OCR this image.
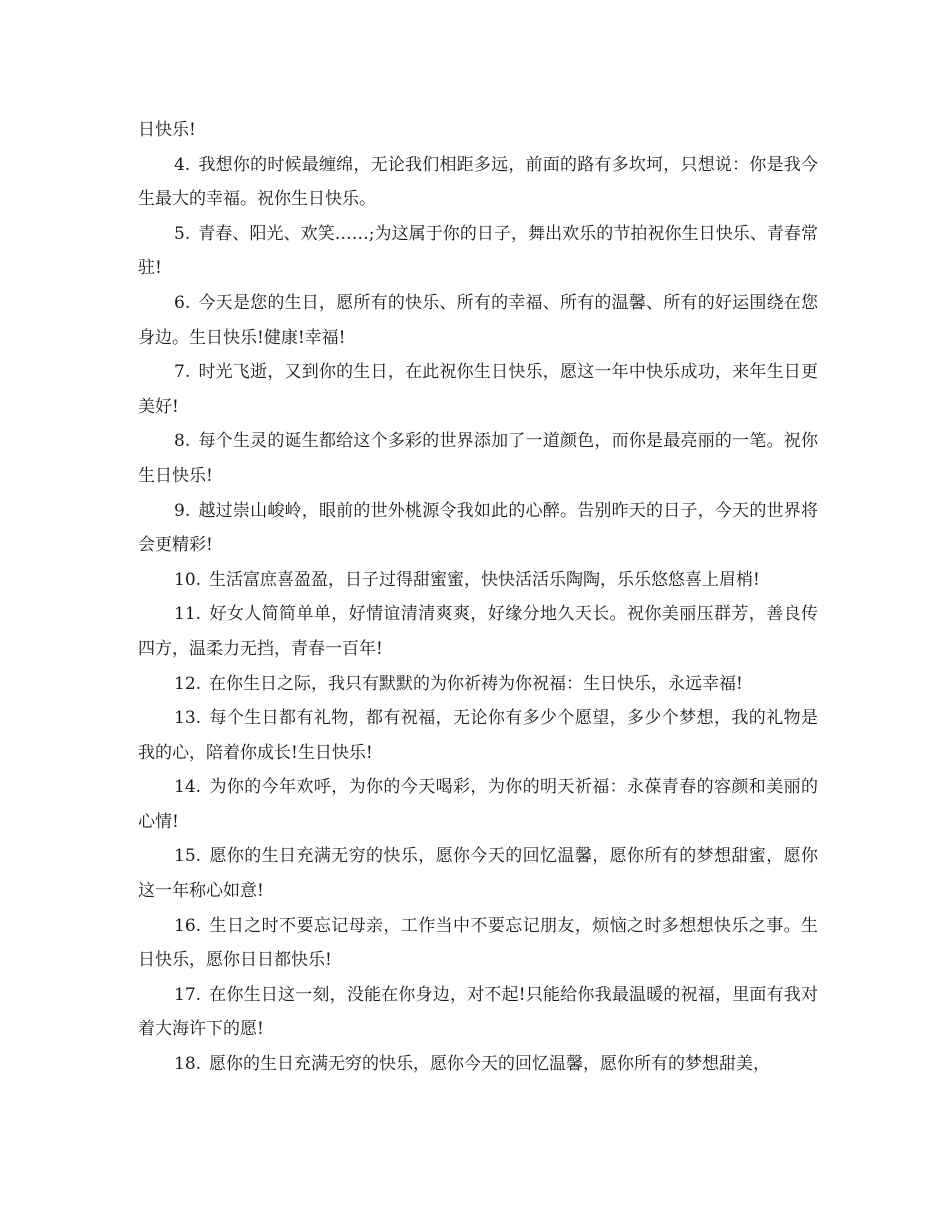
日快乐!

4. 我想你的时候最缠绵，无论我们相距多远，前面的路有多坎坷，只想说：你是我今生最大的幸福。祝你生日快乐。

5. 青春、阳光、欢笑……;为这属于你的日子，舞出欢乐的节拍祝你生日快乐、青春常驻!

6. 今天是您的生日，愿所有的快乐、所有的幸福、所有的温馨、所有的好运围绕在您身边。生日快乐!健康!幸福!

7. 时光飞逝，又到你的生日，在此祝你生日快乐，愿这一年中快乐成功，来年生日更美好!

8. 每个生灵的诞生都给这个多彩的世界添加了一道颜色，而你是最亮丽的一笔。祝你生日快乐!

9. 越过崇山峻岭，眼前的世外桃源令我如此的心醉。告别昨天的日子，今天的世界将会更精彩!

10. 生活富庶喜盈盈，日子过得甜蜜蜜，快快活活乐陶陶，乐乐悠悠喜上眉梢!

11. 好女人简简单单，好情谊清清爽爽，好缘分地久天长。祝你美丽压群芳，善良传四方，温柔力无挡，青春一百年!

12. 在你生日之际，我只有默默的为你祈祷为你祝福：生日快乐，永远幸福!

13. 每个生日都有礼物，都有祝福，无论你有多少个愿望，多少个梦想，我的礼物是我的心，陪着你成长!生日快乐!

14. 为你的今年欢呼，为你的今天喝彩，为你的明天祈福：永葆青春的容颜和美丽的心情!

15. 愿你的生日充满无穷的快乐，愿你今天的回忆温馨，愿你所有的梦想甜蜜，愿你这一年称心如意!

16. 生日之时不要忘记母亲，工作当中不要忘记朋友，烦恼之时多想想快乐之事。生日快乐，愿你日日都快乐!

17. 在你生日这一刻，没能在你身边，对不起!只能给你我最温暖的祝福，里面有我对着大海许下的愿!

18. 愿你的生日充满无穷的快乐，愿你今天的回忆温馨，愿你所有的梦想甜美，
